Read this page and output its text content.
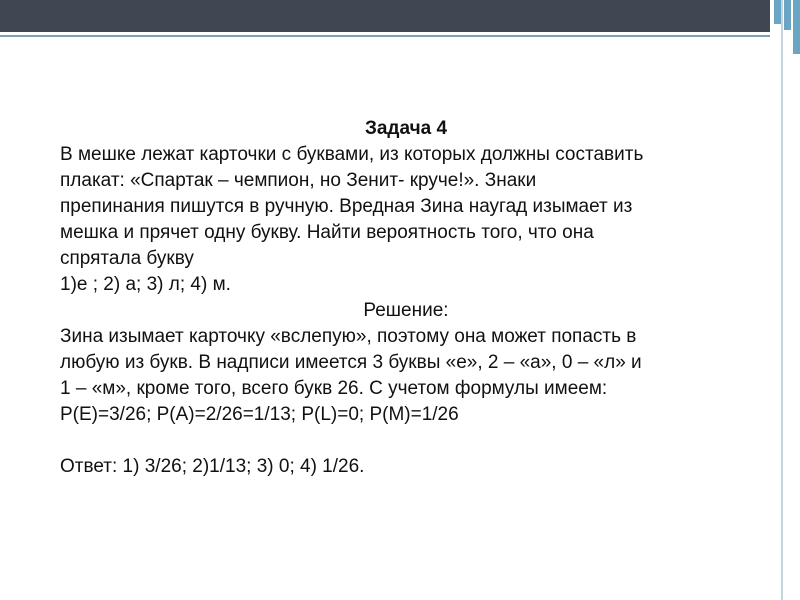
Задача 4
В мешке лежат карточки с буквами, из которых должны составить
плакат: «Спартак – чемпион, но Зенит- круче!». Знаки
препинания пишутся в ручную. Вредная Зина наугад изымает из
мешка и прячет одну букву. Найти вероятность того, что она
спрятала букву
1)е ; 2) а; 3) л; 4) м.
Решение:
Зина изымает карточку «вслепую», поэтому она может попасть в
любую из букв. В надписи имеется 3 буквы «е», 2 – «а», 0 – «л» и
1 – «м», кроме того, всего букв 26. С учетом формулы имеем:
P(E)=3/26; P(A)=2/26=1/13; P(L)=0; P(M)=1/26
Ответ: 1) 3/26; 2)1/13; 3) 0; 4) 1/26.
